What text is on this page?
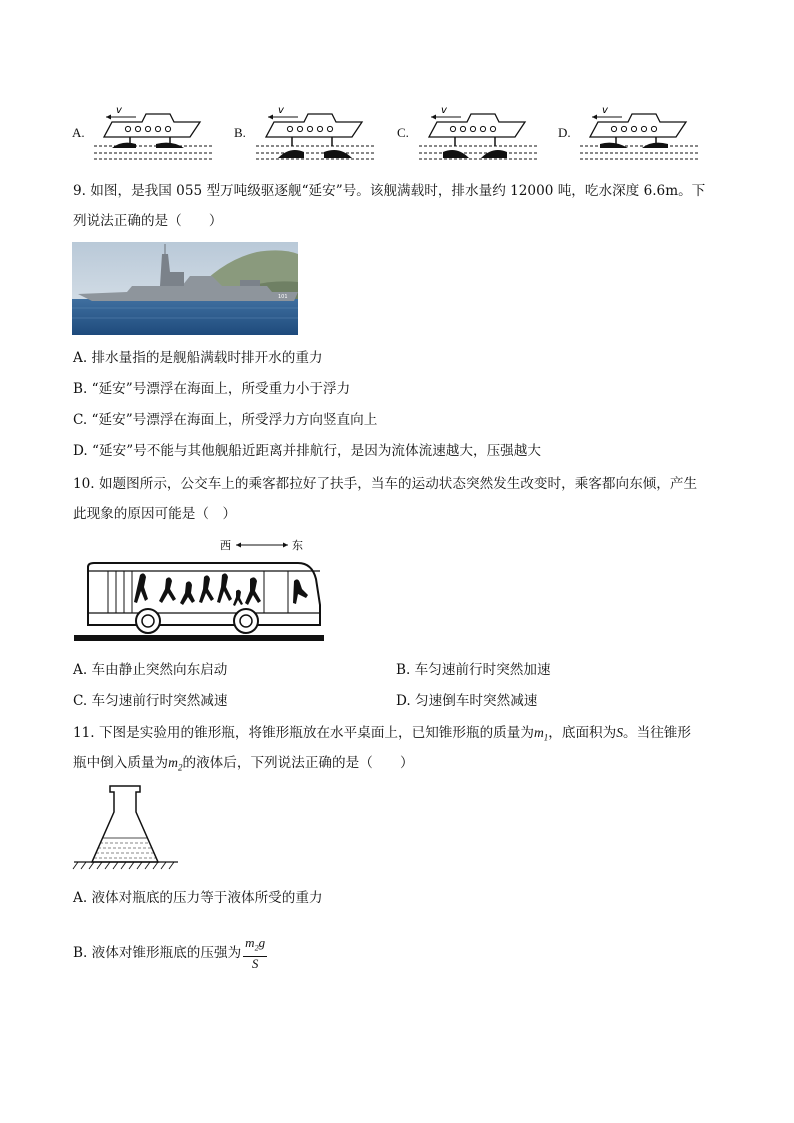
A.
v
B.
v
C.
v
D.
v
9. 如图，是我国 055 型万吨级驱逐舰“延安”号。该舰满载时，排水量约 12000 吨，吃水深度 6.6m。下
列说法正确的是（　　）
101
A. 排水量指的是舰船满载时排开水的重力
B. “延安”号漂浮在海面上，所受重力小于浮力
C. “延安”号漂浮在海面上，所受浮力方向竖直向上
D. “延安”号不能与其他舰船近距离并排航行，是因为流体流速越大，压强越大
10. 如题图所示，公交车上的乘客都拉好了扶手，当车的运动状态突然发生改变时，乘客都向东倾，产生
此现象的原因可能是（　）
西	东
A. 车由静止突然向东启动	B. 车匀速前行时突然加速
C. 车匀速前行时突然减速	D. 匀速倒车时突然减速
11. 下图是实验用的锥形瓶，将锥形瓶放在水平桌面上，已知锥形瓶的质量为$m_1$，底面积为S。当往锥形
瓶中倒入质量为$m_2$的液体后，下列说法正确的是（　　）
A. 液体对瓶底的压力等于液体所受的重力
B. 液体对锥形瓶底的压强为 $\frac{m_2g}{S}$
